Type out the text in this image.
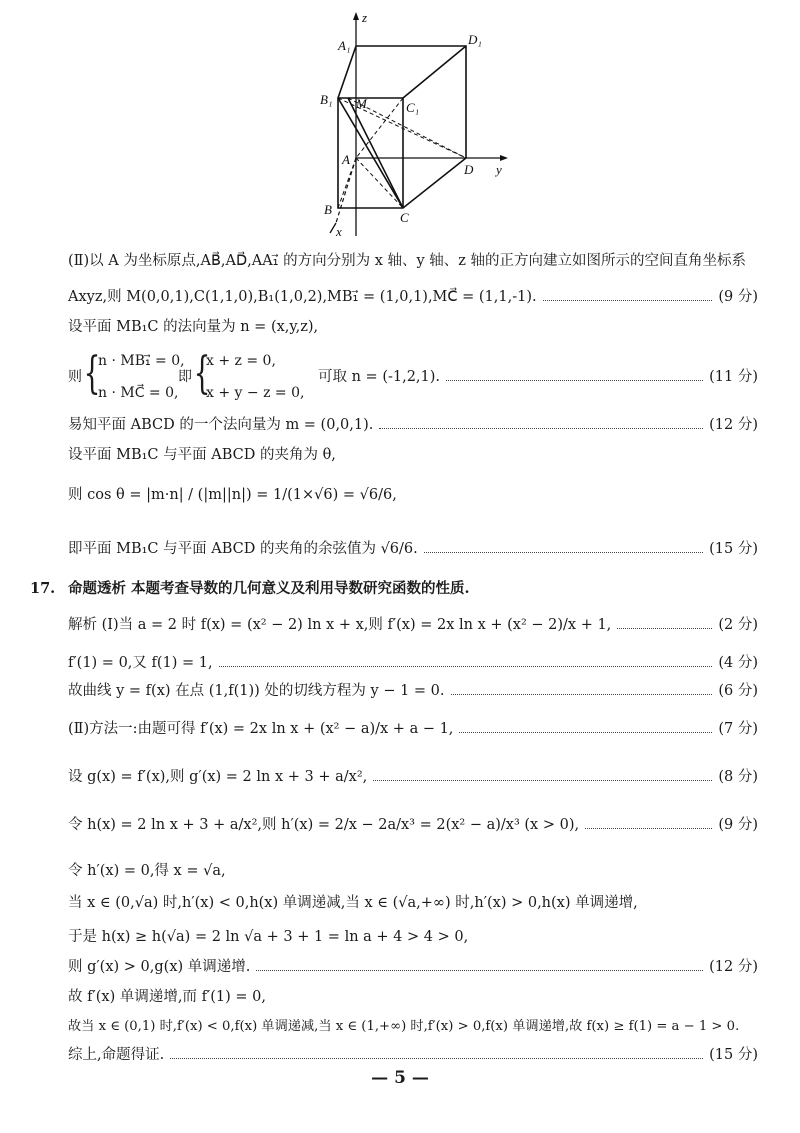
z
A₁	D₁
B₁ M	C₁
A
D y
B
C
x
(Ⅱ)以 A 为坐标原点,AB⃗,AD⃗,AA₁⃗ 的方向分别为 x 轴、y 轴、z 轴的正方向建立如图所示的空间直角坐标系
Axyz,则 M(0,0,1),C(1,1,0),B₁(1,0,2),MB₁⃗ = (1,0,1),MC⃗ = (1,1,-1).	(9 分)
设平面 MB₁C 的法向量为 n = (x,y,z),
则 {
n · MB₁⃗ = 0,
n · MC⃗ = 0,
即 {
x + z = 0,
x + y − z = 0,
可取 n = (-1,2,1).	(11 分)
易知平面 ABCD 的一个法向量为 m = (0,0,1).	(12 分)
设平面 MB₁C 与平面 ABCD 的夹角为 θ,
则 cos θ = |m·n| / (|m||n|) = 1/(1×√6) = √6/6,
即平面 MB₁C 与平面 ABCD 的夹角的余弦值为 √6/6.	(15 分)
17. 命题透析 本题考查导数的几何意义及利用导数研究函数的性质.
解析 (Ⅰ)当 a = 2 时 f(x) = (x² − 2) ln x + x,则 f′(x) = 2x ln x + (x² − 2)/x + 1,	(2 分)
f′(1) = 0,又 f(1) = 1,	(4 分)
故曲线 y = f(x) 在点 (1,f(1)) 处的切线方程为 y − 1 = 0.	(6 分)
(Ⅱ)方法一:由题可得 f′(x) = 2x ln x + (x² − a)/x + a − 1,	(7 分)
设 g(x) = f′(x),则 g′(x) = 2 ln x + 3 + a/x²,	(8 分)
令 h(x) = 2 ln x + 3 + a/x²,则 h′(x) = 2/x − 2a/x³ = 2(x² − a)/x³ (x > 0),	(9 分)
令 h′(x) = 0,得 x = √a,
当 x ∈ (0,√a) 时,h′(x) < 0,h(x) 单调递减,当 x ∈ (√a,+∞) 时,h′(x) > 0,h(x) 单调递增,
于是 h(x) ≥ h(√a) = 2 ln √a + 3 + 1 = ln a + 4 > 4 > 0,
则 g′(x) > 0,g(x) 单调递增.	(12 分)
故 f′(x) 单调递增,而 f′(1) = 0,
故当 x ∈ (0,1) 时,f′(x) < 0,f(x) 单调递减,当 x ∈ (1,+∞) 时,f′(x) > 0,f(x) 单调递增,故 f(x) ≥ f(1) = a − 1 > 0.
综上,命题得证.	(15 分)
— 5 —
